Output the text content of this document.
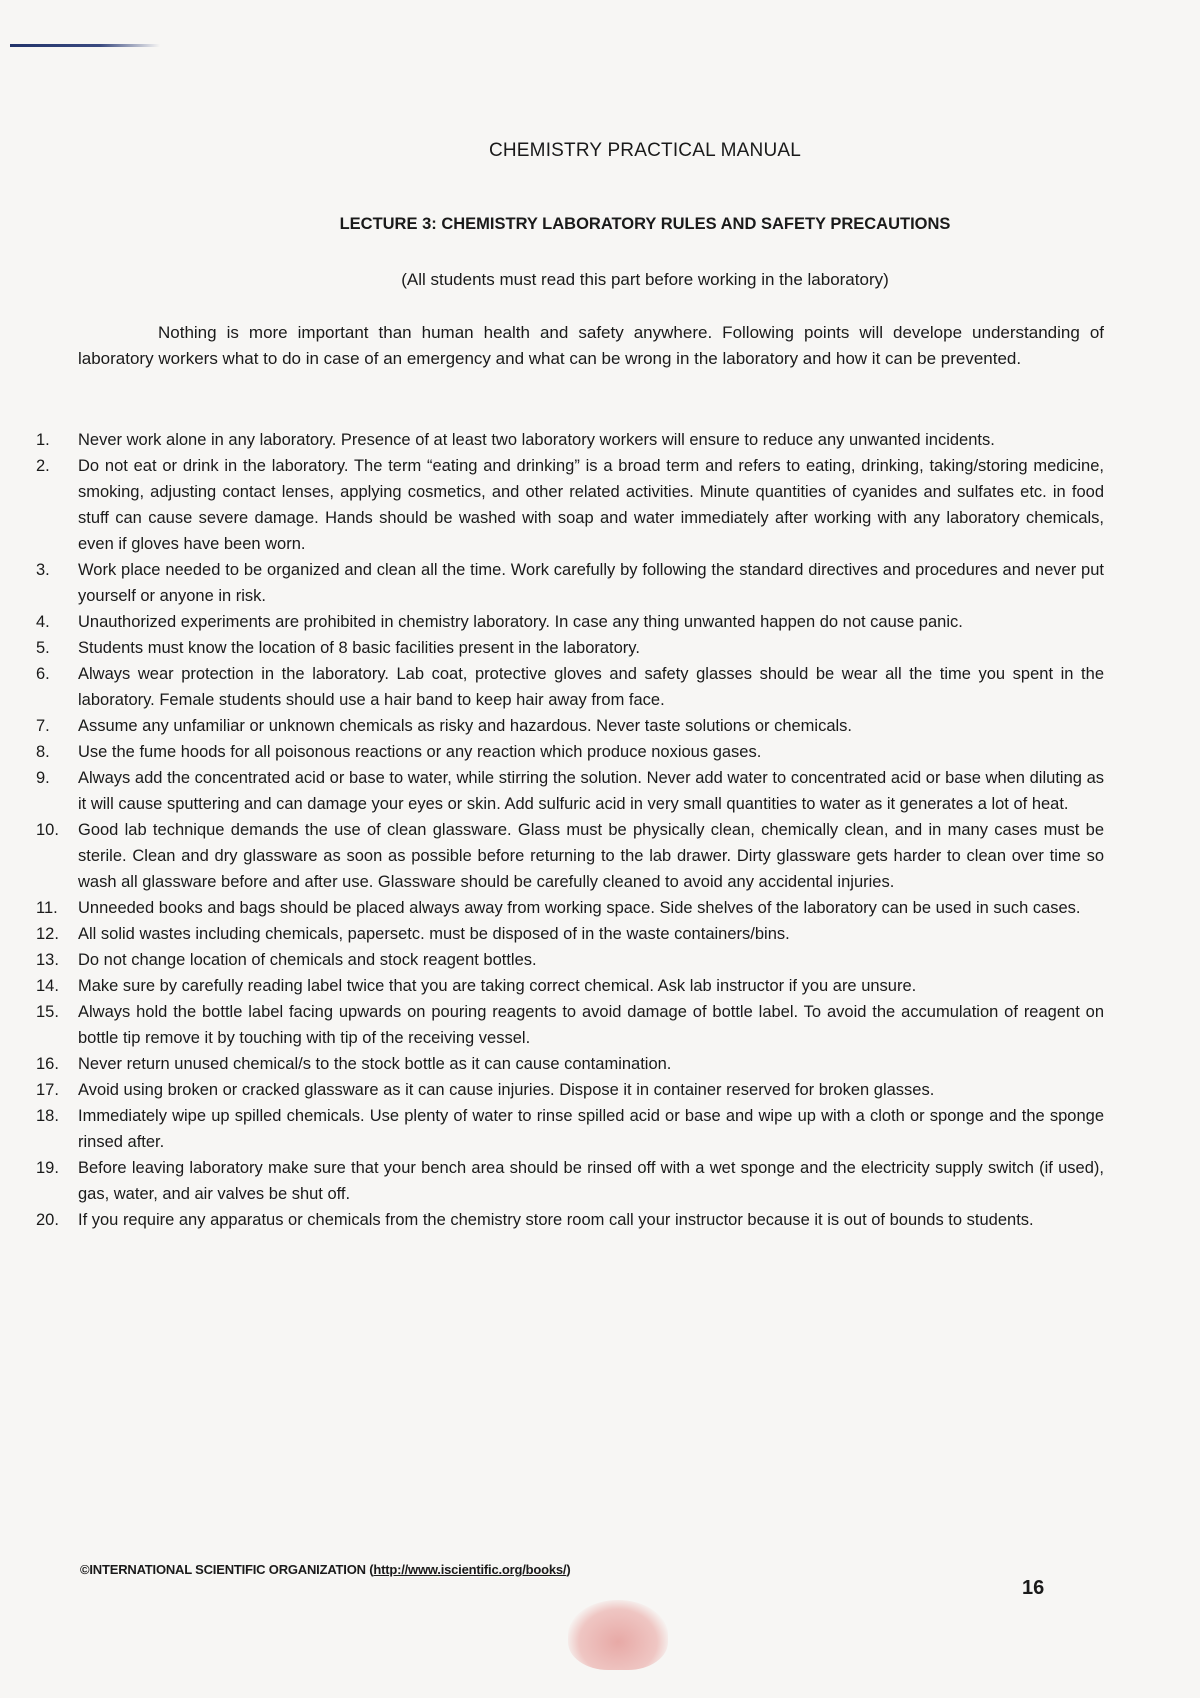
CHEMISTRY PRACTICAL MANUAL
LECTURE 3: CHEMISTRY LABORATORY RULES AND SAFETY PRECAUTIONS
(All students must read this part before working in the laboratory)

Nothing is more important than human health and safety anywhere. Following points will develope understanding of laboratory workers what to do in case of an emergency and what can be wrong in the laboratory and how it can be prevented.

1.	Never work alone in any laboratory. Presence of at least two laboratory workers will ensure to reduce any unwanted incidents.
2.	Do not eat or drink in the laboratory. The term “eating and drinking” is a broad term and refers to eating, drinking, taking/storing medicine, smoking, adjusting contact lenses, applying cosmetics, and other related activities. Minute quantities of cyanides and sulfates etc. in food stuff can cause severe damage. Hands should be washed with soap and water immediately after working with any laboratory chemicals, even if gloves have been worn.
3.	Work place needed to be organized and clean all the time. Work carefully by following the standard directives and procedures and never put yourself or anyone in risk.
4.	Unauthorized experiments are prohibited in chemistry laboratory. In case any thing unwanted happen do not cause panic.
5.	Students must know the location of 8 basic facilities present in the laboratory.
6.	Always wear protection in the laboratory. Lab coat, protective gloves and safety glasses should be wear all the time you spent in the laboratory. Female students should use a hair band to keep hair away from face.
7.	Assume any unfamiliar or unknown chemicals as risky and hazardous. Never taste solutions or chemicals.
8.	Use the fume hoods for all poisonous reactions or any reaction which produce noxious gases.
9.	Always add the concentrated acid or base to water, while stirring the solution. Never add water to concentrated acid or base when diluting as it will cause sputtering and can damage your eyes or skin. Add sulfuric acid in very small quantities to water as it generates a lot of heat.
10.	Good lab technique demands the use of clean glassware. Glass must be physically clean, chemically clean, and in many cases must be sterile. Clean and dry glassware as soon as possible before returning to the lab drawer. Dirty glassware gets harder to clean over time so wash all glassware before and after use. Glassware should be carefully cleaned to avoid any accidental injuries.
11.	Unneeded books and bags should be placed always away from working space. Side shelves of the laboratory can be used in such cases.
12.	All solid wastes including chemicals, papersetc. must be disposed of in the waste containers/bins.
13.	Do not change location of chemicals and stock reagent bottles.
14.	Make sure by carefully reading label twice that you are taking correct chemical. Ask lab instructor if you are unsure.
15.	Always hold the bottle label facing upwards on pouring reagents to avoid damage of bottle label. To avoid the accumulation of reagent on bottle tip remove it by touching with tip of the receiving vessel.
16.	Never return unused chemical/s to the stock bottle as it can cause contamination.
17.	Avoid using broken or cracked glassware as it can cause injuries. Dispose it in container reserved for broken glasses.
18.	Immediately wipe up spilled chemicals. Use plenty of water to rinse spilled acid or base and wipe up with a cloth or sponge and the sponge rinsed after.
19.	Before leaving laboratory make sure that your bench area should be rinsed off with a wet sponge and the electricity supply switch (if used), gas, water, and air valves be shut off.
20.	If you require any apparatus or chemicals from the chemistry store room call your instructor because it is out of bounds to students.
©INTERNATIONAL SCIENTIFIC ORGANIZATION (http://www.iscientific.org/books/)
16
